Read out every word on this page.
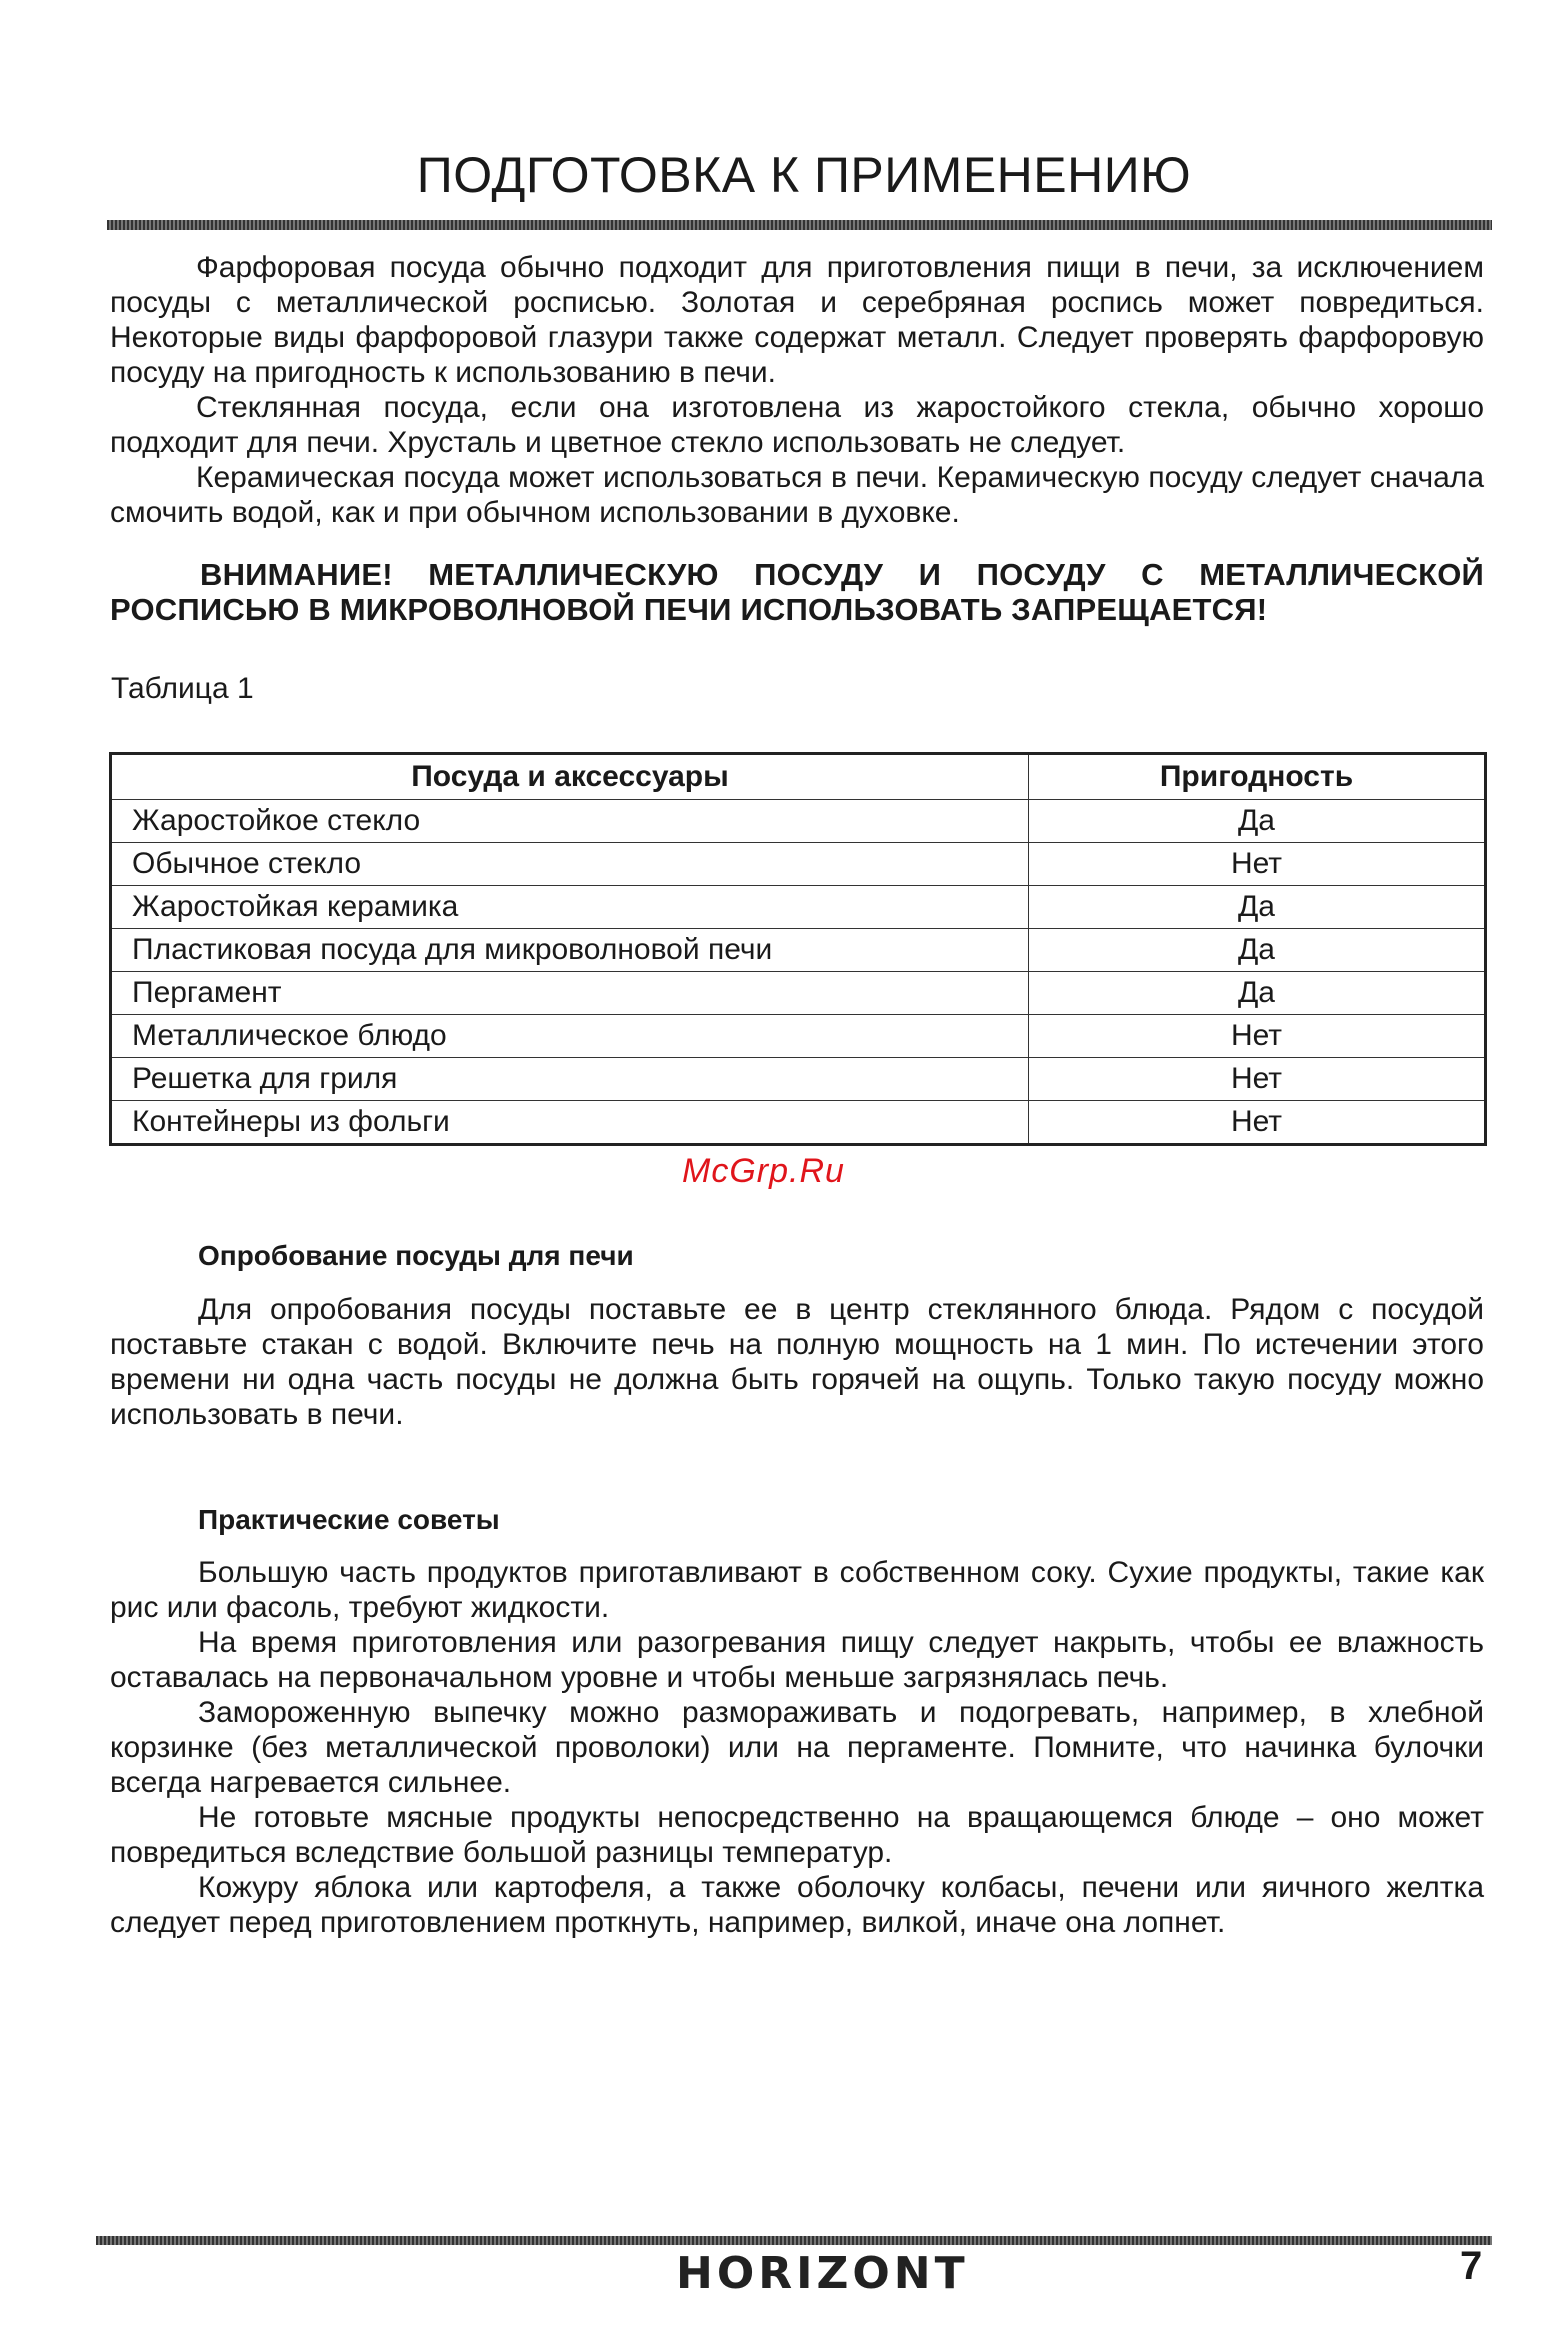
ПОДГОТОВКА К ПРИМЕНЕНИЮ

Фарфоровая посуда обычно подходит для приготовления пищи в печи, за исключением посуды с металлической росписью. Золотая и серебряная роспись может повредиться. Некоторые виды фарфоровой глазури также содержат металл. Следует проверять фарфоровую посуду на пригодность к использованию в печи.

Стеклянная посуда, если она изготовлена из жаростойкого стекла, обычно хорошо подходит для печи. Хрусталь и цветное стекло использовать не следует.

Керамическая посуда может использоваться в печи. Керамическую посуду следует сначала смочить водой, как и при обычном использовании в духовке.

ВНИМАНИЕ! МЕТАЛЛИЧЕСКУЮ ПОСУДУ И ПОСУДУ С МЕТАЛЛИЧЕСКОЙ РОСПИСЬЮ В МИКРОВОЛНОВОЙ ПЕЧИ ИСПОЛЬЗОВАТЬ ЗАПРЕЩАЕТСЯ!

Таблица 1

Посуда и аксессуары	Пригодность
Жаростойкое стекло	Да
Обычное стекло	Нет
Жаростойкая керамика	Да
Пластиковая посуда для микроволновой печи	Да
Пергамент	Да
Металлическое блюдо	Нет
Решетка для гриля	Нет
Контейнеры из фольги	Нет
McGrp.Ru
Опробование посуды для печи

Для опробования посуды поставьте ее в центр стеклянного блюда. Рядом с посудой поставьте стакан с водой. Включите печь на полную мощность на 1 мин. По истечении этого времени ни одна часть посуды не должна быть горячей на ощупь. Только такую посуду можно использовать в печи.

Практические советы

Большую часть продуктов приготавливают в собственном соку. Сухие продукты, такие как рис или фасоль, требуют жидкости.

На время приготовления или разогревания пищу следует накрыть, чтобы ее влажность оставалась на первоначальном уровне и чтобы меньше загрязнялась печь.

Замороженную выпечку можно размораживать и подогревать, например, в хлебной корзинке (без металлической проволоки) или на пергаменте. Помните, что начинка булочки всегда нагревается сильнее.

Не готовьте мясные продукты непосредственно на вращающемся блюде – оно может повредиться вследствие большой разницы температур.

Кожуру яблока или картофеля, а также оболочку колбасы, печени или яичного желтка следует перед приготовлением проткнуть, например, вилкой, иначе она лопнет.

HORIZONT	7
